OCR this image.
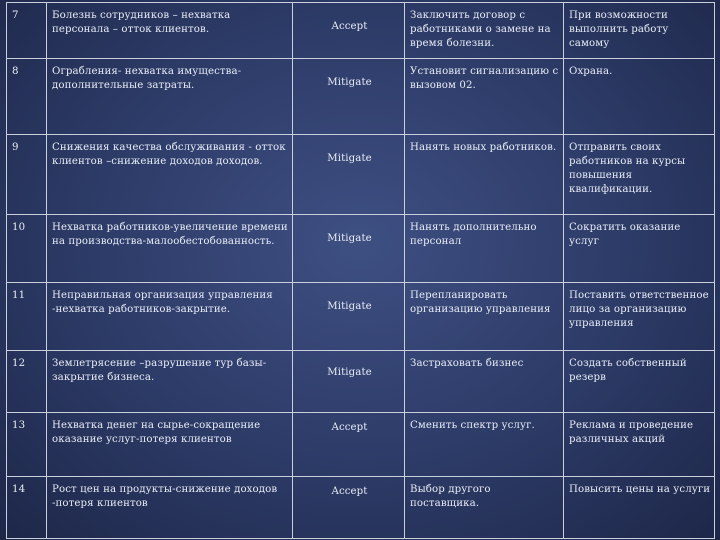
7	Болезнь сотрудников – нехватка персонала – отток клиентов.	Accept	Заключить договор с работниками о замене на время болезни.	При возможности выполнить работу самому
8	Ограбления- нехватка имущества-дополнительные затраты.	Mitigate	Установит сигнализацию с вызовом 02.	Охрана.
9	Снижения качества обслуживания - отток клиентов –снижение доходов доходов.	Mitigate	Нанять новых работников.	Отправить своих работников на курсы повышения квалификации.
10	Нехватка работников-увеличение времени на производства-малообестобованность.	Mitigate	Нанять дополнительно персонал	Сократить оказание услуг
11	Неправильная организация управления -нехватка работников-закрытие.	Mitigate	Перепланировать организацию управления	Поставить ответственное лицо за организацию управления
12	Землетрясение –разрушение тур базы-закрытие бизнеса.	Mitigate	Застраховать бизнес	Создать собственный резерв
13	Нехватка денег на сырье-сокращение оказание услуг-потеря клиентов	Accept	Сменить спектр услуг.	Реклама и проведение различных акций
14	Рост цен на продукты-снижение доходов -потеря клиентов	Accept	Выбор другого поставщика.	Повысить цены на услуги
